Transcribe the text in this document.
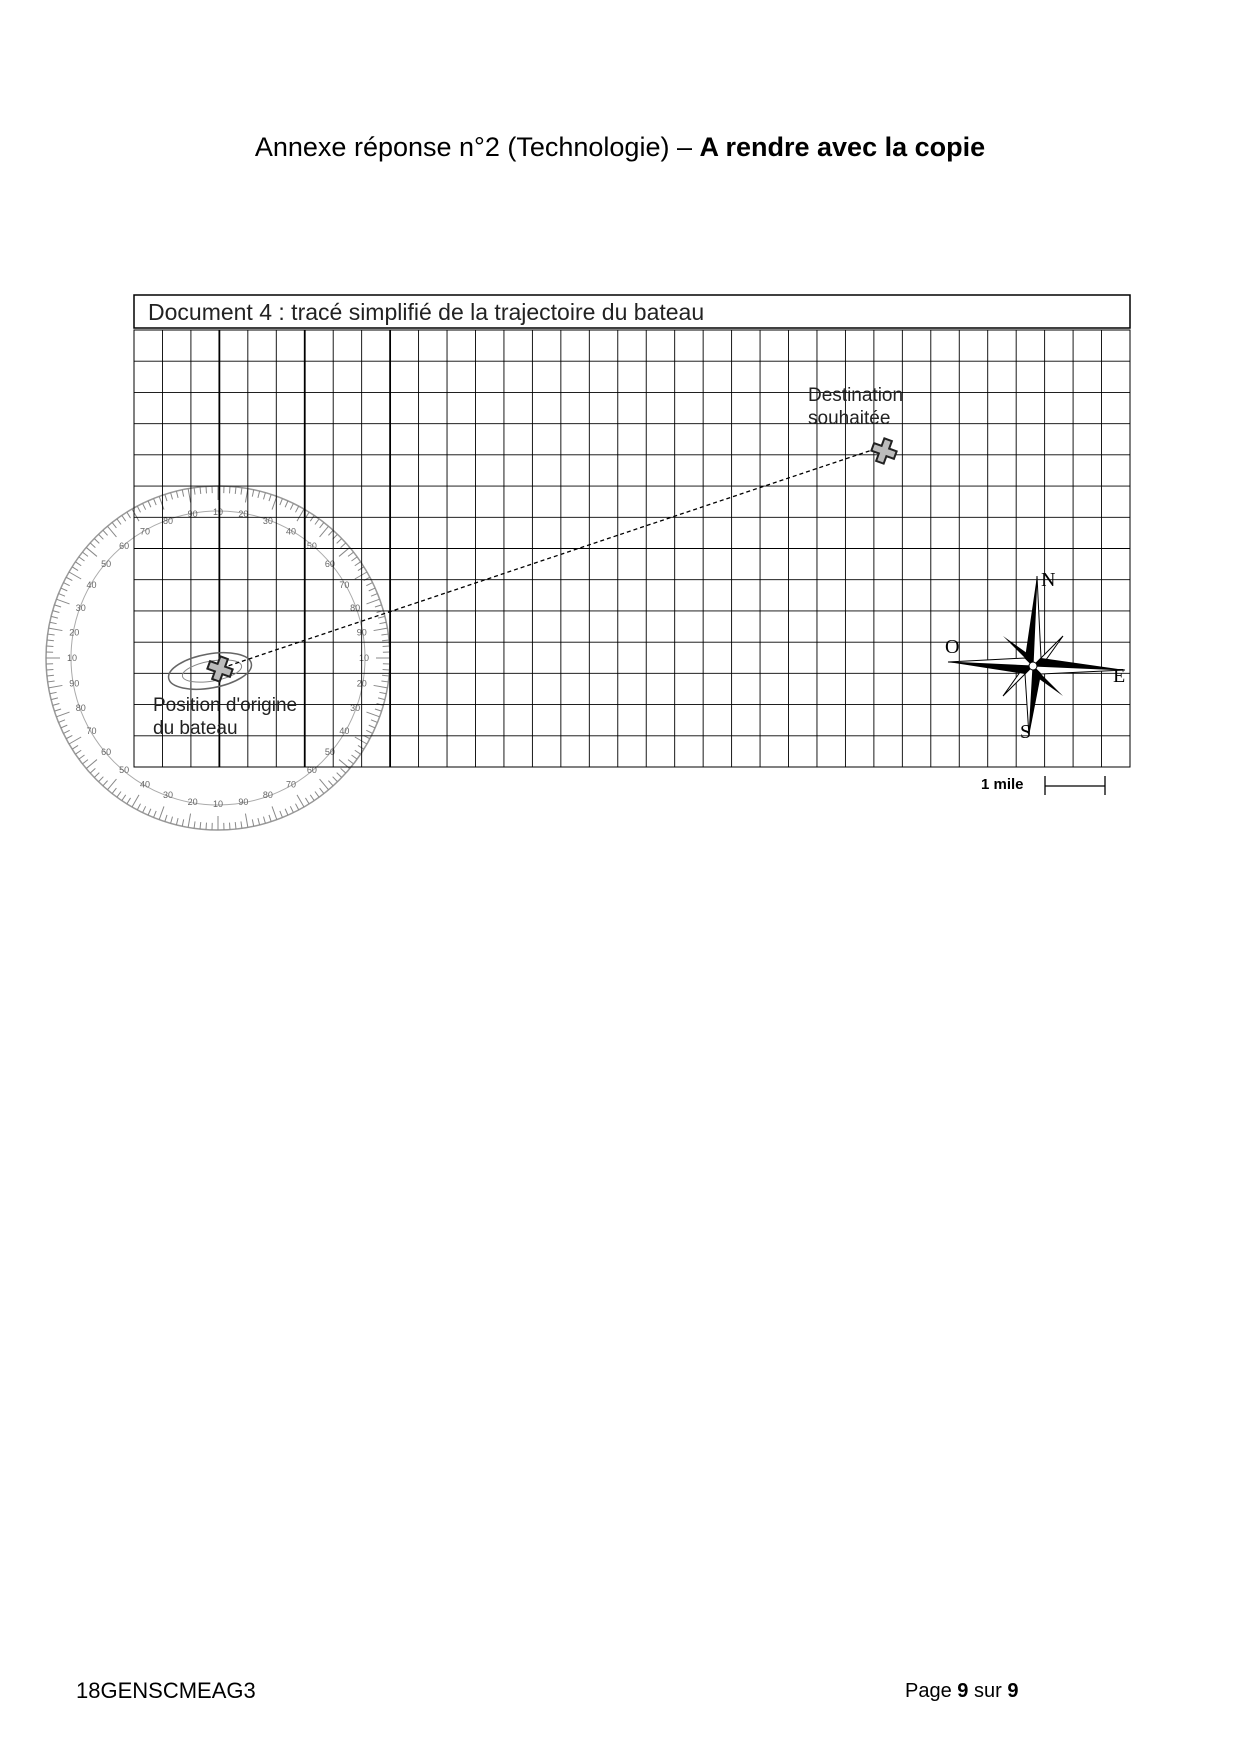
Annexe réponse n°2 (Technologie) – A rendre avec la copie
Document 4 : tracé simplifié de la trajectoire du bateau
10
20
30
40
50
60
70
80
90
10
20
30
40
50
60
70
80
90
10
20
30
40
50
60
70
80
90 10 20
30
40
50
60
70
80
90
Position d'origine
du bateau
Destination
souhaitée
N
S
E
O
1 mile
18GENSCMEAG3	Page 9 sur 9
